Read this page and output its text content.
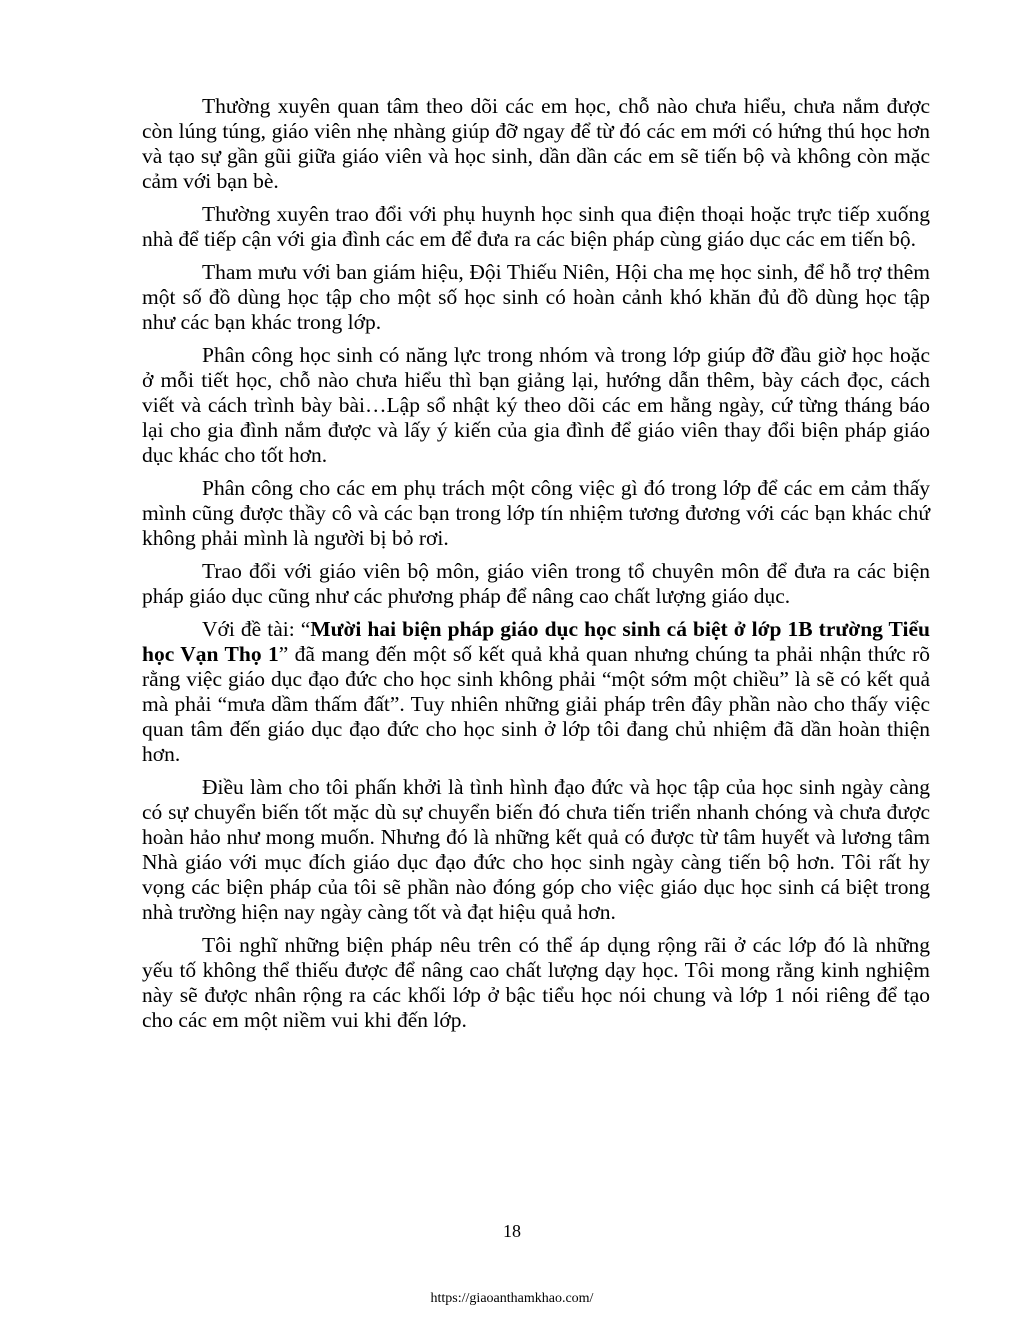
Thường xuyên quan tâm theo dõi các em học, chỗ nào chưa hiểu, chưa nắm được còn lúng túng, giáo viên nhẹ nhàng giúp đỡ ngay để từ đó các em mới có hứng thú học hơn và tạo sự gần gũi giữa giáo viên và học sinh, dần dần các em sẽ tiến bộ và không còn mặc cảm với bạn bè.

Thường xuyên trao đổi với phụ huynh học sinh qua điện thoại hoặc trực tiếp xuống nhà để tiếp cận với gia đình các em để đưa ra các biện pháp cùng giáo dục các em tiến bộ.

Tham mưu với ban giám hiệu, Đội Thiếu Niên, Hội cha mẹ học sinh, để hỗ trợ thêm một số đồ dùng học tập cho một số học sinh có hoàn cảnh khó khăn đủ đồ dùng học tập như các bạn khác trong lớp.

Phân công học sinh có năng lực trong nhóm và trong lớp giúp đỡ đầu giờ học hoặc ở mỗi tiết học, chỗ nào chưa hiểu thì bạn giảng lại, hướng dẫn thêm, bày cách đọc, cách viết và cách trình bày bài…Lập sổ nhật ký theo dõi các em hằng ngày, cứ từng tháng báo lại cho gia đình nắm được và lấy ý kiến của gia đình để giáo viên thay đổi biện pháp giáo dục khác cho tốt hơn.

Phân công cho các em phụ trách một công việc gì đó trong lớp để các em cảm thấy mình cũng được thầy cô và các bạn trong lớp tín nhiệm tương đương với các bạn khác chứ không phải mình là người bị bỏ rơi.

Trao đổi với giáo viên bộ môn, giáo viên trong tổ chuyên môn để đưa ra các biện pháp giáo dục cũng như các phương pháp để nâng cao chất lượng giáo dục.

Với đề tài: “Mười hai biện pháp giáo dục học sinh cá biệt ở lớp 1B trường Tiểu học Vạn Thọ 1” đã mang đến một số kết quả khả quan nhưng chúng ta phải nhận thức rõ rằng việc giáo dục đạo đức cho học sinh không phải “một sớm một chiều” là sẽ có kết quả mà phải “mưa dầm thấm đất”. Tuy nhiên những giải pháp trên đây phần nào cho thấy việc quan tâm đến giáo dục đạo đức cho học sinh ở lớp tôi đang chủ nhiệm đã dần hoàn thiện hơn.

Điều làm cho tôi phấn khởi là tình hình đạo đức và học tập của học sinh ngày càng có sự chuyển biến tốt mặc dù sự chuyển biến đó chưa tiến triển nhanh chóng và chưa được hoàn hảo như mong muốn. Nhưng đó là những kết quả có được từ tâm huyết và lương tâm Nhà giáo với mục đích giáo dục đạo đức cho học sinh ngày càng tiến bộ hơn. Tôi rất hy vọng các biện pháp của tôi sẽ phần nào đóng góp cho việc giáo dục học sinh cá biệt trong nhà trường hiện nay ngày càng tốt và đạt hiệu quả hơn.

Tôi nghĩ những biện pháp nêu trên có thể áp dụng rộng rãi ở các lớp đó là những yếu tố không thể thiếu được để nâng cao chất lượng dạy học. Tôi mong rằng kinh nghiệm này sẽ được nhân rộng ra các khối lớp ở bậc tiểu học nói chung và lớp 1 nói riêng để tạo cho các em một niềm vui khi đến lớp.

18
https://giaoanthamkhao.com/
